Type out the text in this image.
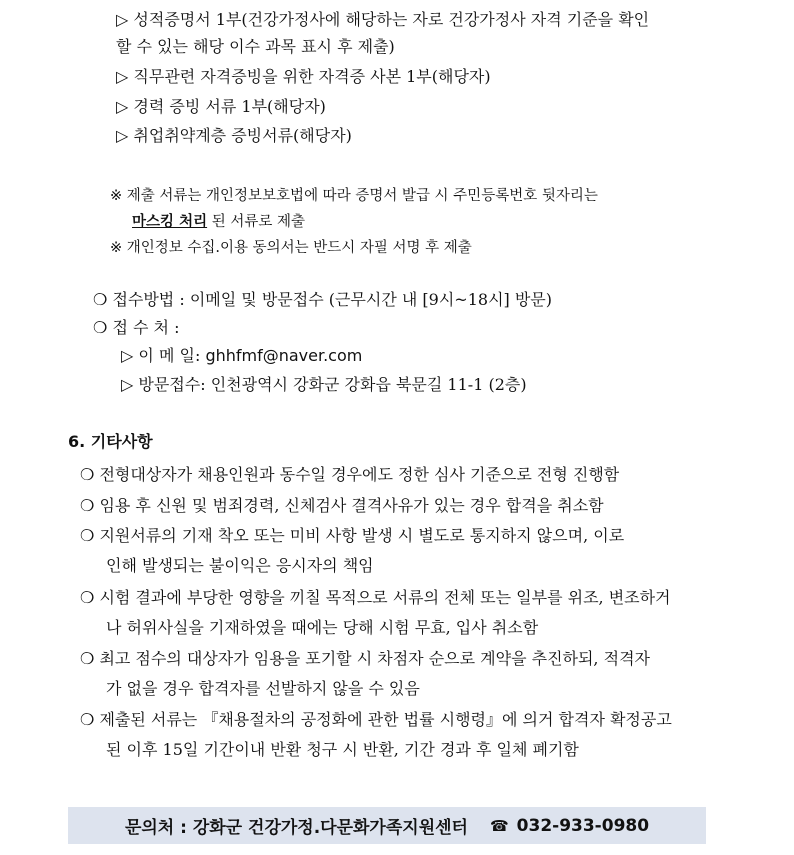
▷ 성적증명서 1부(건강가정사에 해당하는 자로 건강가정사 자격 기준을 확인
할 수 있는 해당 이수 과목 표시 후 제출)
▷ 직무관련 자격증빙을 위한 자격증 사본 1부(해당자)
▷ 경력 증빙 서류 1부(해당자)
▷ 취업취약계층 증빙서류(해당자)
※ 제출 서류는 개인정보보호법에 따라 증명서 발급 시 주민등록번호 뒷자리는
마스킹 처리 된 서류로 제출
※ 개인정보 수집.이용 동의서는 반드시 자필 서명 후 제출
❍ 접수방법 : 이메일 및 방문접수 (근무시간 내 [9시~18시] 방문)
❍ 접 수 처 :
▷ 이 메 일: ghhfmf@naver.com
▷ 방문접수: 인천광역시 강화군 강화읍 북문길 11-1 (2층)
6. 기타사항
❍ 전형대상자가 채용인원과 동수일 경우에도 정한 심사 기준으로 전형 진행함
❍ 임용 후 신원 및 범죄경력, 신체검사 결격사유가 있는 경우 합격을 취소함
❍ 지원서류의 기재 착오 또는 미비 사항 발생 시 별도로 통지하지 않으며, 이로
인해 발생되는 불이익은 응시자의 책임
❍ 시험 결과에 부당한 영향을 끼칠 목적으로 서류의 전체 또는 일부를 위조, 변조하거
나 허위사실을 기재하였을 때에는 당해 시험 무효, 입사 취소함
❍ 최고 점수의 대상자가 임용을 포기할 시 차점자 순으로 계약을 추진하되, 적격자
가 없을 경우 합격자를 선발하지 않을 수 있음
❍ 제출된 서류는 『채용절차의 공정화에 관한 법률 시행령』에 의거 합격자 확정공고
된 이후 15일 기간이내 반환 청구 시 반환, 기간 경과 후 일체 폐기함
문의처 : 강화군 건강가정.다문화가족지원센터 ☎ 032-933-0980
